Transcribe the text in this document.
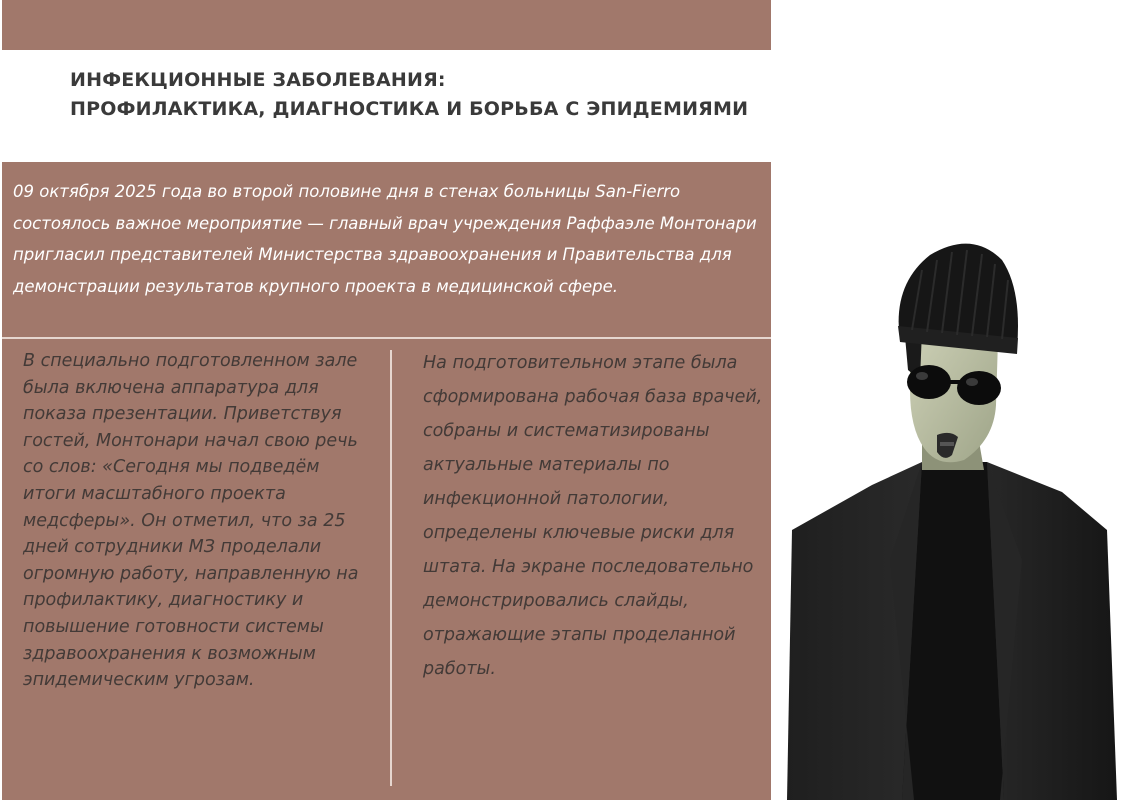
ИНФЕКЦИОННЫЕ ЗАБОЛЕВАНИЯ:
ПРОФИЛАКТИКА, ДИАГНОСТИКА И БОРЬБА С ЭПИДЕМИЯМИ
09 октября 2025 года во второй половине дня в стенах больницы San-Fierro состоялось важное мероприятие — главный врач учреждения Раффаэле Монтонари пригласил представителей Министерства здравоохранения и Правительства для демонстрации результатов крупного проекта в медицинской сфере.
В специально подготовленном зале была включена аппаратура для показа презентации. Приветствуя гостей, Монтонари начал свою речь со слов: «Сегодня мы подведём итоги масштабного проекта медсферы». Он отметил, что за 25 дней сотрудники МЗ проделали огромную работу, направленную на профилактику, диагностику и повышение готовности системы здравоохранения к возможным эпидемическим угрозам.
На подготовительном этапе была сформирована рабочая база врачей, собраны и систематизированы актуальные материалы по инфекционной патологии, определены ключевые риски для штата. На экране последовательно демонстрировались слайды, отражающие этапы проделанной работы.
